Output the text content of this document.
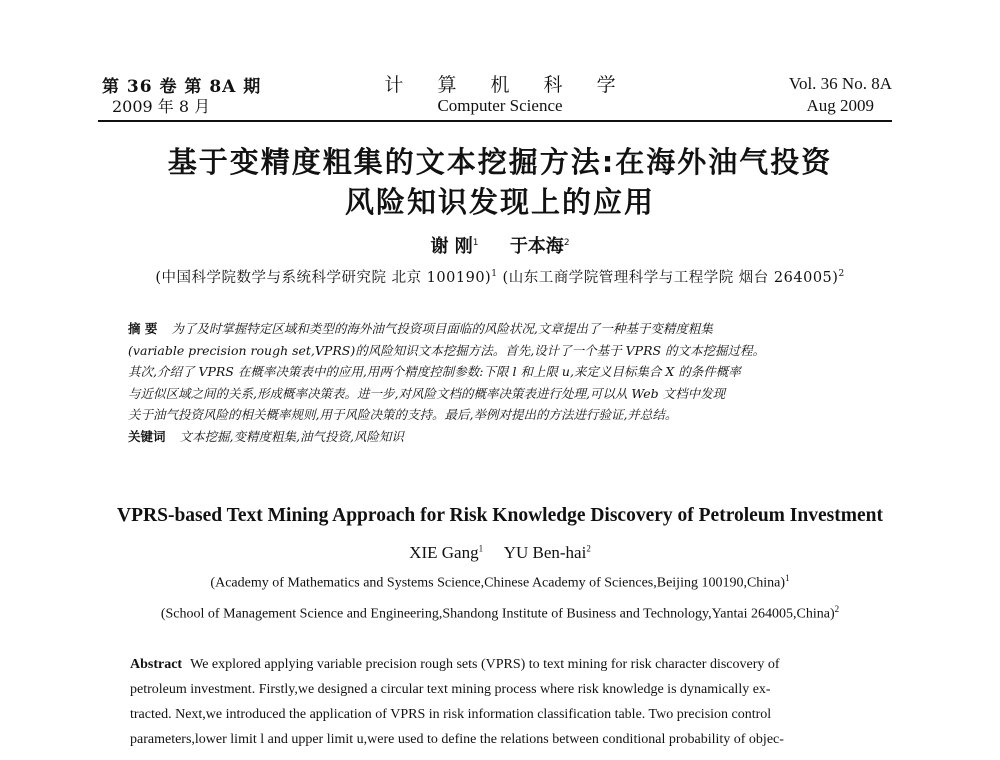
第 36 卷 第 8A 期
2009 年 8 月
计 算 机 科 学
Computer Science
Vol. 36 No. 8A
Aug 2009
基于变精度粗集的文本挖掘方法:在海外油气投资
风险知识发现上的应用
谢 刚$^1$ 于本海$^2$
(中国科学院数学与系统科学研究院 北京 100190)$^1$ (山东工商学院管理科学与工程学院 烟台 264005)$^2$
摘 要 为了及时掌握特定区域和类型的海外油气投资项目面临的风险状况,文章提出了一种基于变精度粗集
(variable precision rough set,VPRS)的风险知识文本挖掘方法。首先,设计了一个基于 VPRS 的文本挖掘过程。
其次,介绍了 VPRS 在概率决策表中的应用,用两个精度控制参数:下限 l 和上限 u,来定义目标集合 X 的条件概率
与近似区域之间的关系,形成概率决策表。进一步,对风险文档的概率决策表进行处理,可以从 Web 文档中发现
关于油气投资风险的相关概率规则,用于风险决策的支持。最后,举例对提出的方法进行验证,并总结。
关键词 文本挖掘,变精度粗集,油气投资,风险知识
VPRS-based Text Mining Approach for Risk Knowledge Discovery of Petroleum Investment
XIE Gang$^1$ YU Ben-hai$^2$
(Academy of Mathematics and Systems Science,Chinese Academy of Sciences,Beijing 100190,China)$^1$
(School of Management Science and Engineering,Shandong Institute of Business and Technology,Yantai 264005,China)$^2$
Abstract We explored applying variable precision rough sets (VPRS) to text mining for risk character discovery of
petroleum investment. Firstly,we designed a circular text mining process where risk knowledge is dynamically ex-
tracted. Next,we introduced the application of VPRS in risk information classification table. Two precision control
parameters,lower limit l and upper limit u,were used to define the relations between conditional probability of objec-
